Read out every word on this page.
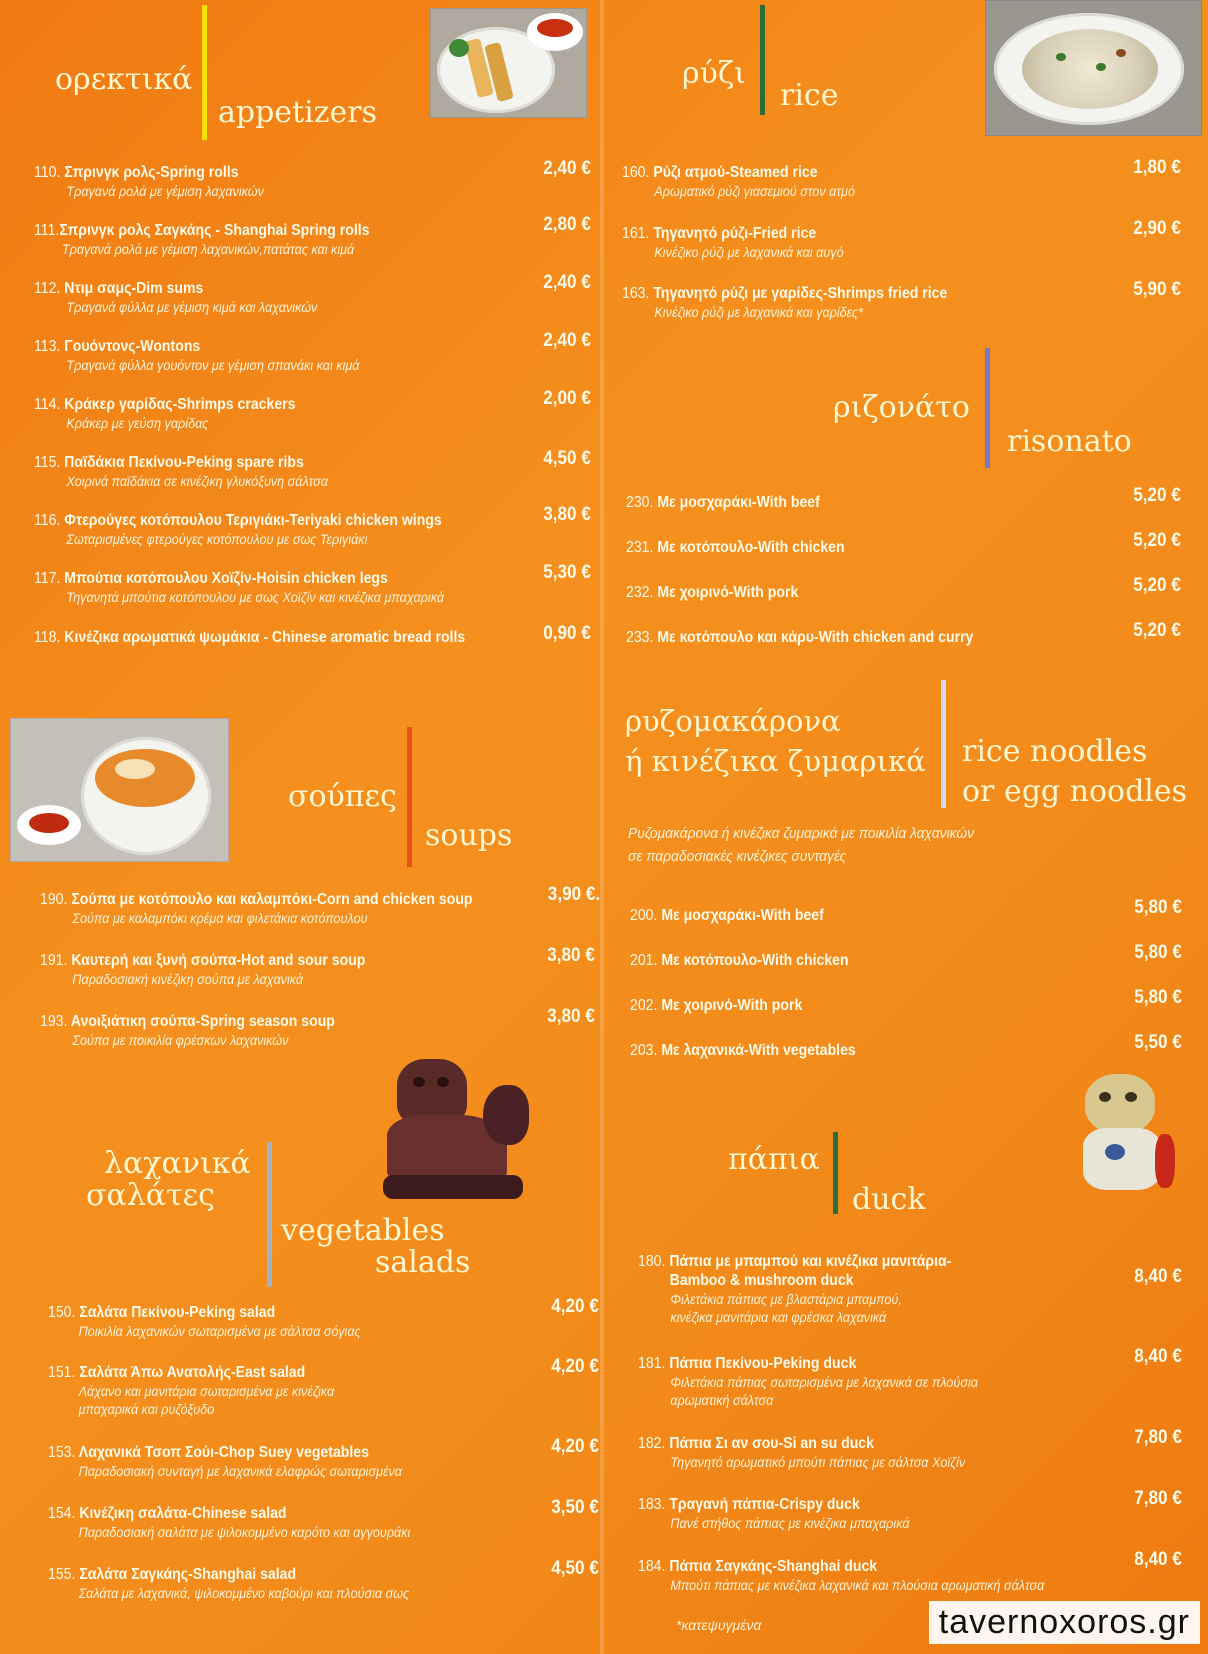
ορεκτικά
appetizers
110. Σπρινγκ ρολς-Spring rolls
Τραγανά ρολά με γέμιση λαχανικών
2,40 €
111.Σπρινγκ ρολς Σαγκάης - Shanghai Spring rolls
Τραγανά ρολά με γέμιση λαχανικών,πατάτας και κιμά
2,80 €
112. Ντιμ σαμς-Dim sums
Τραγανά φύλλα με γέμιση κιμά και λαχανικών
2,40 €
113. Γουόντονς-Wontons
Τραγανά φύλλα γουόντον με γέμιση σπανάκι και κιμά
2,40 €
114. Κράκερ γαρίδας-Shrimps crackers
Κράκερ με γεύση γαρίδας
2,00 €
115. Παϊδάκια Πεκίνου-Peking spare ribs
Χοιρινά παϊδάκια σε κινέζικη γλυκόξυνη σάλτσα
4,50 €
116. Φτερούγες κοτόπουλου Τεριγιάκι-Teriyaki chicken wings
Σωταρισμένες φτερούγες κοτόπουλου με σως Τεριγιάκι
3,80 €
117. Μπούτια κοτόπουλου Χοϊζίν-Hoisin chicken legs
Τηγανητά μπούτια κοτόπουλου με σως Χοϊζίν και κινέζικα μπαχαρικά
5,30 €
118. Κινέζικα αρωματικά ψωμάκια - Chinese aromatic bread rolls	0,90 €
σούπες
soups
190. Σούπα με κοτόπουλο και καλαμπόκι-Corn and chicken soup
Σούπα με καλαμπόκι κρέμα και φιλετάκια κοτόπουλου
3,90 €.
191. Καυτερή και ξυνή σούπα-Hot and sour soup
Παραδοσιακή κινέζικη σούπα με λαχανικά
3,80 €
193. Ανοιξιάτικη σούπα-Spring season soup
Σούπα με ποικιλία φρέσκων λαχανικών
3,80 €
λαχανικά
σαλάτες
vegetables
salads
150. Σαλάτα Πεκίνου-Peking salad
Ποικιλία λαχανικών σωταρισμένα με σάλτσα σόγιας
4,20 €
151. Σαλάτα Άπω Ανατολής-East salad
Λάχανο και μανιτάρια σωταρισμένα με κινέζικα
μπαχαρικά και ρυζόξυδο
4,20 €
153. Λαχανικά Τσοπ Σούι-Chop Suey vegetables
Παραδοσιακή συνταγή με λαχανικά ελαφρώς σωταρισμένα
4,20 €
154. Κινέζικη σαλάτα-Chinese salad
Παραδοσιακή σαλάτα με ψιλοκομμένο καρότο και αγγουράκι
3,50 €
155. Σαλάτα Σαγκάης-Shanghai salad
Σαλάτα με λαχανικά, ψιλοκομμένο καβούρι και πλούσια σως
4,50 €
ρύζι
rice
160. Ρύζι ατμού-Steamed rice
Αρωματικό ρύζι γιασεμιού στον ατμό
1,80 €
161. Τηγανητό ρύζι-Fried rice
Κινέζικο ρύζι με λαχανικά και αυγό
2,90 €
163. Τηγανητό ρύζι με γαρίδες-Shrimps fried rice
Κινέζικο ρύζι με λαχανικά και γαρίδες*
5,90 €
ριζονάτο
risonato
230. Με μοσχαράκι-With beef	5,20 €
231. Με κοτόπουλο-With chicken	5,20 €
232. Με χοιρινό-With pork	5,20 €
233. Με κοτόπουλο και κάρυ-With chicken and curry	5,20 €
ρυζομακάρονα
ή κινέζικα ζυμαρικά rice noodles
or egg noodles
Ρυζομακάρονα ή κινέζικα ζυμαρικά με ποικιλία λαχανικών
σε παραδοσιακές κινέζικες συνταγές
200. Με μοσχαράκι-With beef	5,80 €
201. Με κοτόπουλο-With chicken	5,80 €
202. Με χοιρινό-With pork	5,80 €
203. Με λαχανικά-With vegetables	5,50 €
πάπια
duck
180. Πάπια με μπαμπού και κινέζικα μανιτάρια-
Bamboo & mushroom duck
Φιλετάκια πάπιας με βλαστάρια μπαμπού,
κινέζικα μανιτάρια και φρέσκα λαχανικά
8,40 €
181. Πάπια Πεκίνου-Peking duck
Φιλετάκια πάπιας σωταρισμένα με λαχανικά σε πλούσια
αρωματική σάλτσα
8,40 €
182. Πάπια Σι αν σου-Si an su duck
Τηγανητό αρωματικό μπούτι πάπιας με σάλτσα Χοϊζίν
7,80 €
183. Τραγανή πάπια-Crispy duck
Πανέ στήθος πάπιας με κινέζικα μπαχαρικά
7,80 €
184. Πάπια Σαγκάης-Shanghai duck
Μπούτι πάπιας με κινέζικα λαχανικά και πλούσια αρωματική σάλτσα
8,40 €
*κατεψυγμένα	tavernoxoros.gr
